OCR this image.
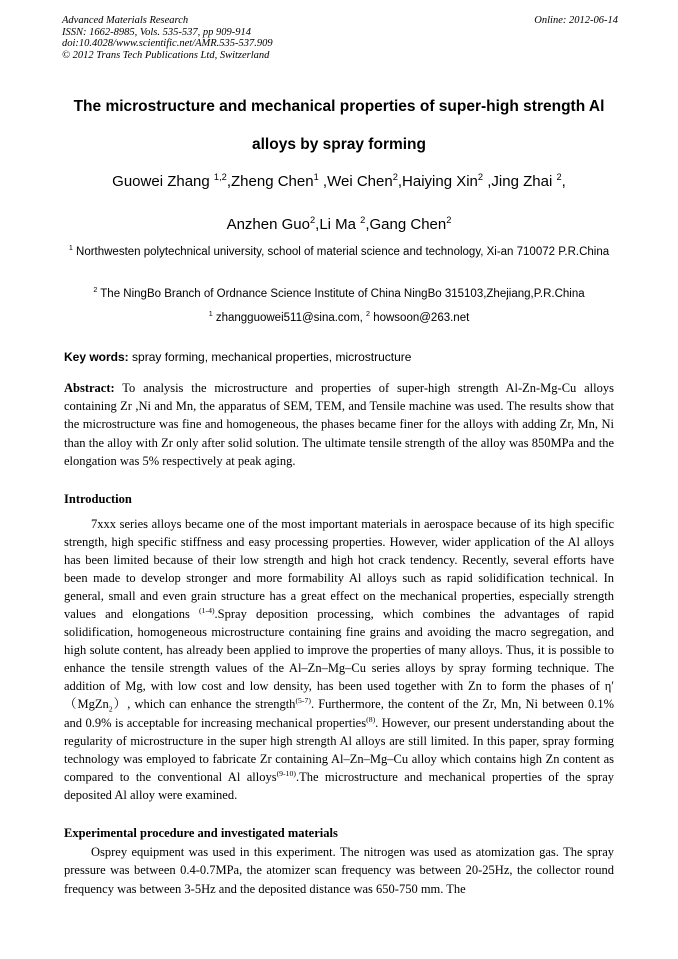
Advanced Materials Research
ISSN: 1662-8985, Vols. 535-537, pp 909-914
doi:10.4028/www.scientific.net/AMR.535-537.909
© 2012 Trans Tech Publications Ltd, Switzerland
Online: 2012-06-14
The microstructure and mechanical properties of super-high strength Al
alloys by spray forming
Guowei Zhang $^{1,2}$,Zheng Chen$^1$ ,Wei Chen$^2$,Haiying Xin$^2$ ,Jing Zhai $^2$,
Anzhen Guo$^2$,Li Ma $^2$,Gang Chen$^2$
$^1$ Northwesten polytechnical university, school of material science and technology, Xi-an 710072 P.R.China
$^2$ The NingBo Branch of Ordnance Science Institute of China NingBo 315103,Zhejiang,P.R.China
$^1$ zhangguowei511@sina.com, $^2$ howsoon@263.net
Key words: spray forming, mechanical properties, microstructure
Abstract: To analysis the microstructure and properties of super-high strength Al-Zn-Mg-Cu alloys containing Zr ,Ni and Mn, the apparatus of SEM, TEM, and Tensile machine was used. The results show that the microstructure was fine and homogeneous, the phases became finer for the alloys with adding Zr, Mn, Ni than the alloy with Zr only after solid solution. The ultimate tensile strength of the alloy was 850MPa and the elongation was 5% respectively at peak aging.
Introduction
7xxx series alloys became one of the most important materials in aerospace because of its high specific strength, high specific stiffness and easy processing properties. However, wider application of the Al alloys has been limited because of their low strength and high hot crack tendency. Recently, several efforts have been made to develop stronger and more formability Al alloys such as rapid solidification technical. In general, small and even grain structure has a great effect on the mechanical properties, especially strength values and elongations $^{(1-4)}$.Spray deposition processing, which combines the advantages of rapid solidification, homogeneous microstructure containing fine grains and avoiding the macro segregation, and high solute content, has already been applied to improve the properties of many alloys. Thus, it is possible to enhance the tensile strength values of the Al–Zn–Mg–Cu series alloys by spray forming technique. The addition of Mg, with low cost and low density, has been used together with Zn to form the phases of η′（MgZn$_2$）, which can enhance the strength$^{(5-7)}$. Furthermore, the content of the Zr, Mn, Ni between 0.1% and 0.9% is acceptable for increasing mechanical properties$^{(8)}$. However, our present understanding about the regularity of microstructure in the super high strength Al alloys are still limited. In this paper, spray forming technology was employed to fabricate Zr containing Al–Zn–Mg–Cu alloy which contains high Zn content as compared to the conventional Al alloys$^{(9-10)}$.The microstructure and mechanical properties of the spray deposited Al alloy were examined.
Experimental procedure and investigated materials
Osprey equipment was used in this experiment. The nitrogen was used as atomization gas. The spray pressure was between 0.4-0.7MPa, the atomizer scan frequency was between 20-25Hz, the collector round frequency was between 3-5Hz and the deposited distance was 650-750 mm. The
